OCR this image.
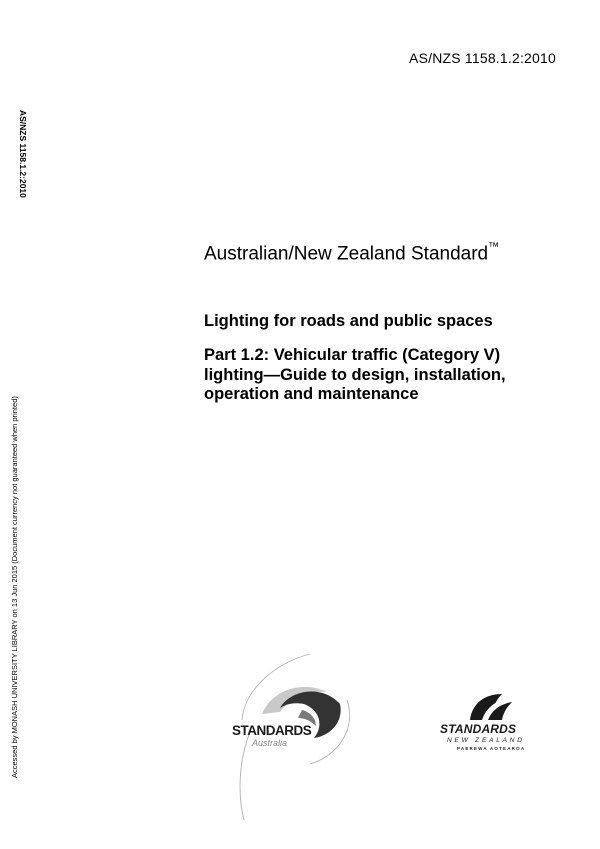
AS/NZS 1158.1.2:2010
AS/NZS 1158.1.2:2010
Accessed by MONASH UNIVERSITY LIBRARY on 13 Jun 2015 (Document currency not guaranteed when printed)
Australian/New Zealand Standard™
Lighting for roads and public spaces
Part 1.2: Vehicular traffic (Category V) lighting—Guide to design, installation, operation and maintenance
STANDARDS
Australia
STANDARDS
NEW ZEALAND
PAEREWA AOTEAROA
